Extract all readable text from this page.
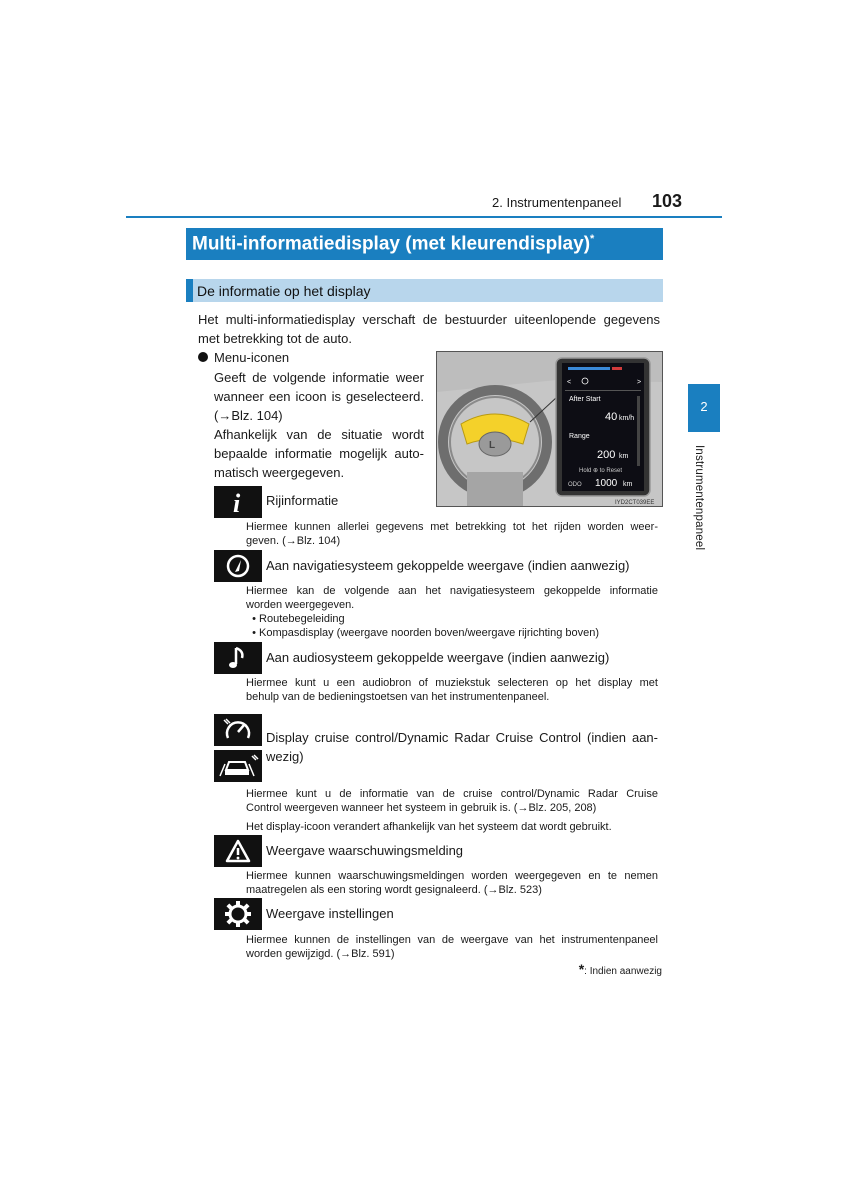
2. Instrumentenpaneel 103
2
Instrumentenpaneel
Multi-informatiedisplay (met kleurendisplay)*
De informatie op het display
Het multi-informatiedisplay verschaft de bestuurder uiteenlopende gegevens
met betrekking tot de auto.
Menu-iconen
Geeft de volgende informatie weer
wanneer een icoon is geselecteerd.
(→Blz. 104)
Afhankelijk van de situatie wordt
bepaalde informatie mogelijk auto-
matisch weergegeven.
L
<	>
After Start
40 km/h
Range
200 km
Hold ⊕ to Reset
ODO 1000 km
IYD2CT039EE
i Rijinformatie
Hiermee kunnen allerlei gegevens met betrekking tot het rijden worden weer-
geven. (→Blz. 104)
Aan navigatiesysteem gekoppelde weergave (indien aanwezig)
Hiermee kan de volgende aan het navigatiesysteem gekoppelde informatie
worden weergegeven.
• Routebegeleiding
• Kompasdisplay (weergave noorden boven/weergave rijrichting boven)
Aan audiosysteem gekoppelde weergave (indien aanwezig)
Hiermee kunt u een audiobron of muziekstuk selecteren op het display met
behulp van de bedieningstoetsen van het instrumentenpaneel.
Display cruise control/Dynamic Radar Cruise Control (indien aan-
wezig)
Hiermee kunt u de informatie van de cruise control/Dynamic Radar Cruise
Control weergeven wanneer het systeem in gebruik is. (→Blz. 205, 208)
Het display-icoon verandert afhankelijk van het systeem dat wordt gebruikt.
Weergave waarschuwingsmelding
Hiermee kunnen waarschuwingsmeldingen worden weergegeven en te nemen
maatregelen als een storing wordt gesignaleerd. (→Blz. 523)
Weergave instellingen
Hiermee kunnen de instellingen van de weergave van het instrumentenpaneel
worden gewijzigd. (→Blz. 591)
*: Indien aanwezig
